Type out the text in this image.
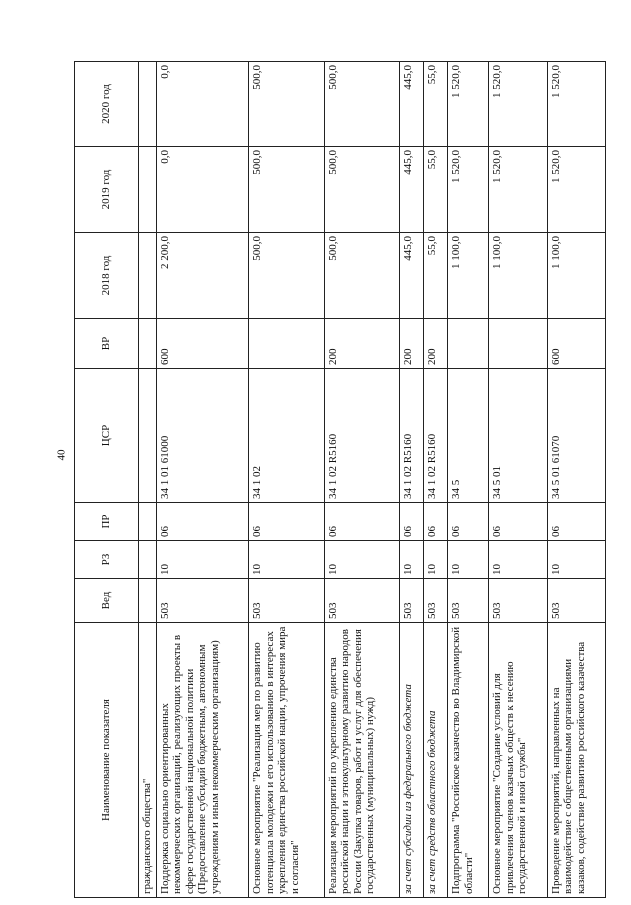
40
Наименование показателя	Вед	РЗ	ПР	ЦСР	ВР	2018 год	2019 год	2020 год
гражданского общества"								
Поддержка социально ориентированных некоммерческих организаций, реализующих проекты в сфере государственной национальной политики (Предоставление субсидий бюджетным, автономным учреждениям и иным некоммерческим организациям)	503	10	06	34 1 01 61000	600	2 200,0	0,0	0,0
Основное мероприятие "Реализация мер по развитию потенциала молодежи и его использованию в интересах укрепления единства российской нации, упрочения мира и согласия"	503	10	06	34 1 02		500,0	500,0	500,0
Реализация мероприятий по укреплению единства российской нации и этнокультурному развитию народов России (Закупка товаров, работ и услуг для обеспечения государственных (муниципальных) нужд)	503	10	06	34 1 02 R5160	200	500,0	500,0	500,0
за счет субсидии из федерального бюджета	503	10	06	34 1 02 R5160	200	445,0	445,0	445,0
за счет средств областного бюджета	503	10	06	34 1 02 R5160	200	55,0	55,0	55,0
Подпрограмма "Российское казачество во Владимирской области"	503	10	06	34 5		1 100,0	1 520,0	1 520,0
Основное мероприятие "Создание условий для привлечения членов казачьих обществ к несению государственной и иной службы"	503	10	06	34 5 01		1 100,0	1 520,0	1 520,0
Проведение мероприятий, направленных на взаимодействие с общественными организациями казаков, содействие развитию российского казачества	503	10	06	34 5 01 61070	600	1 100,0	1 520,0	1 520,0
